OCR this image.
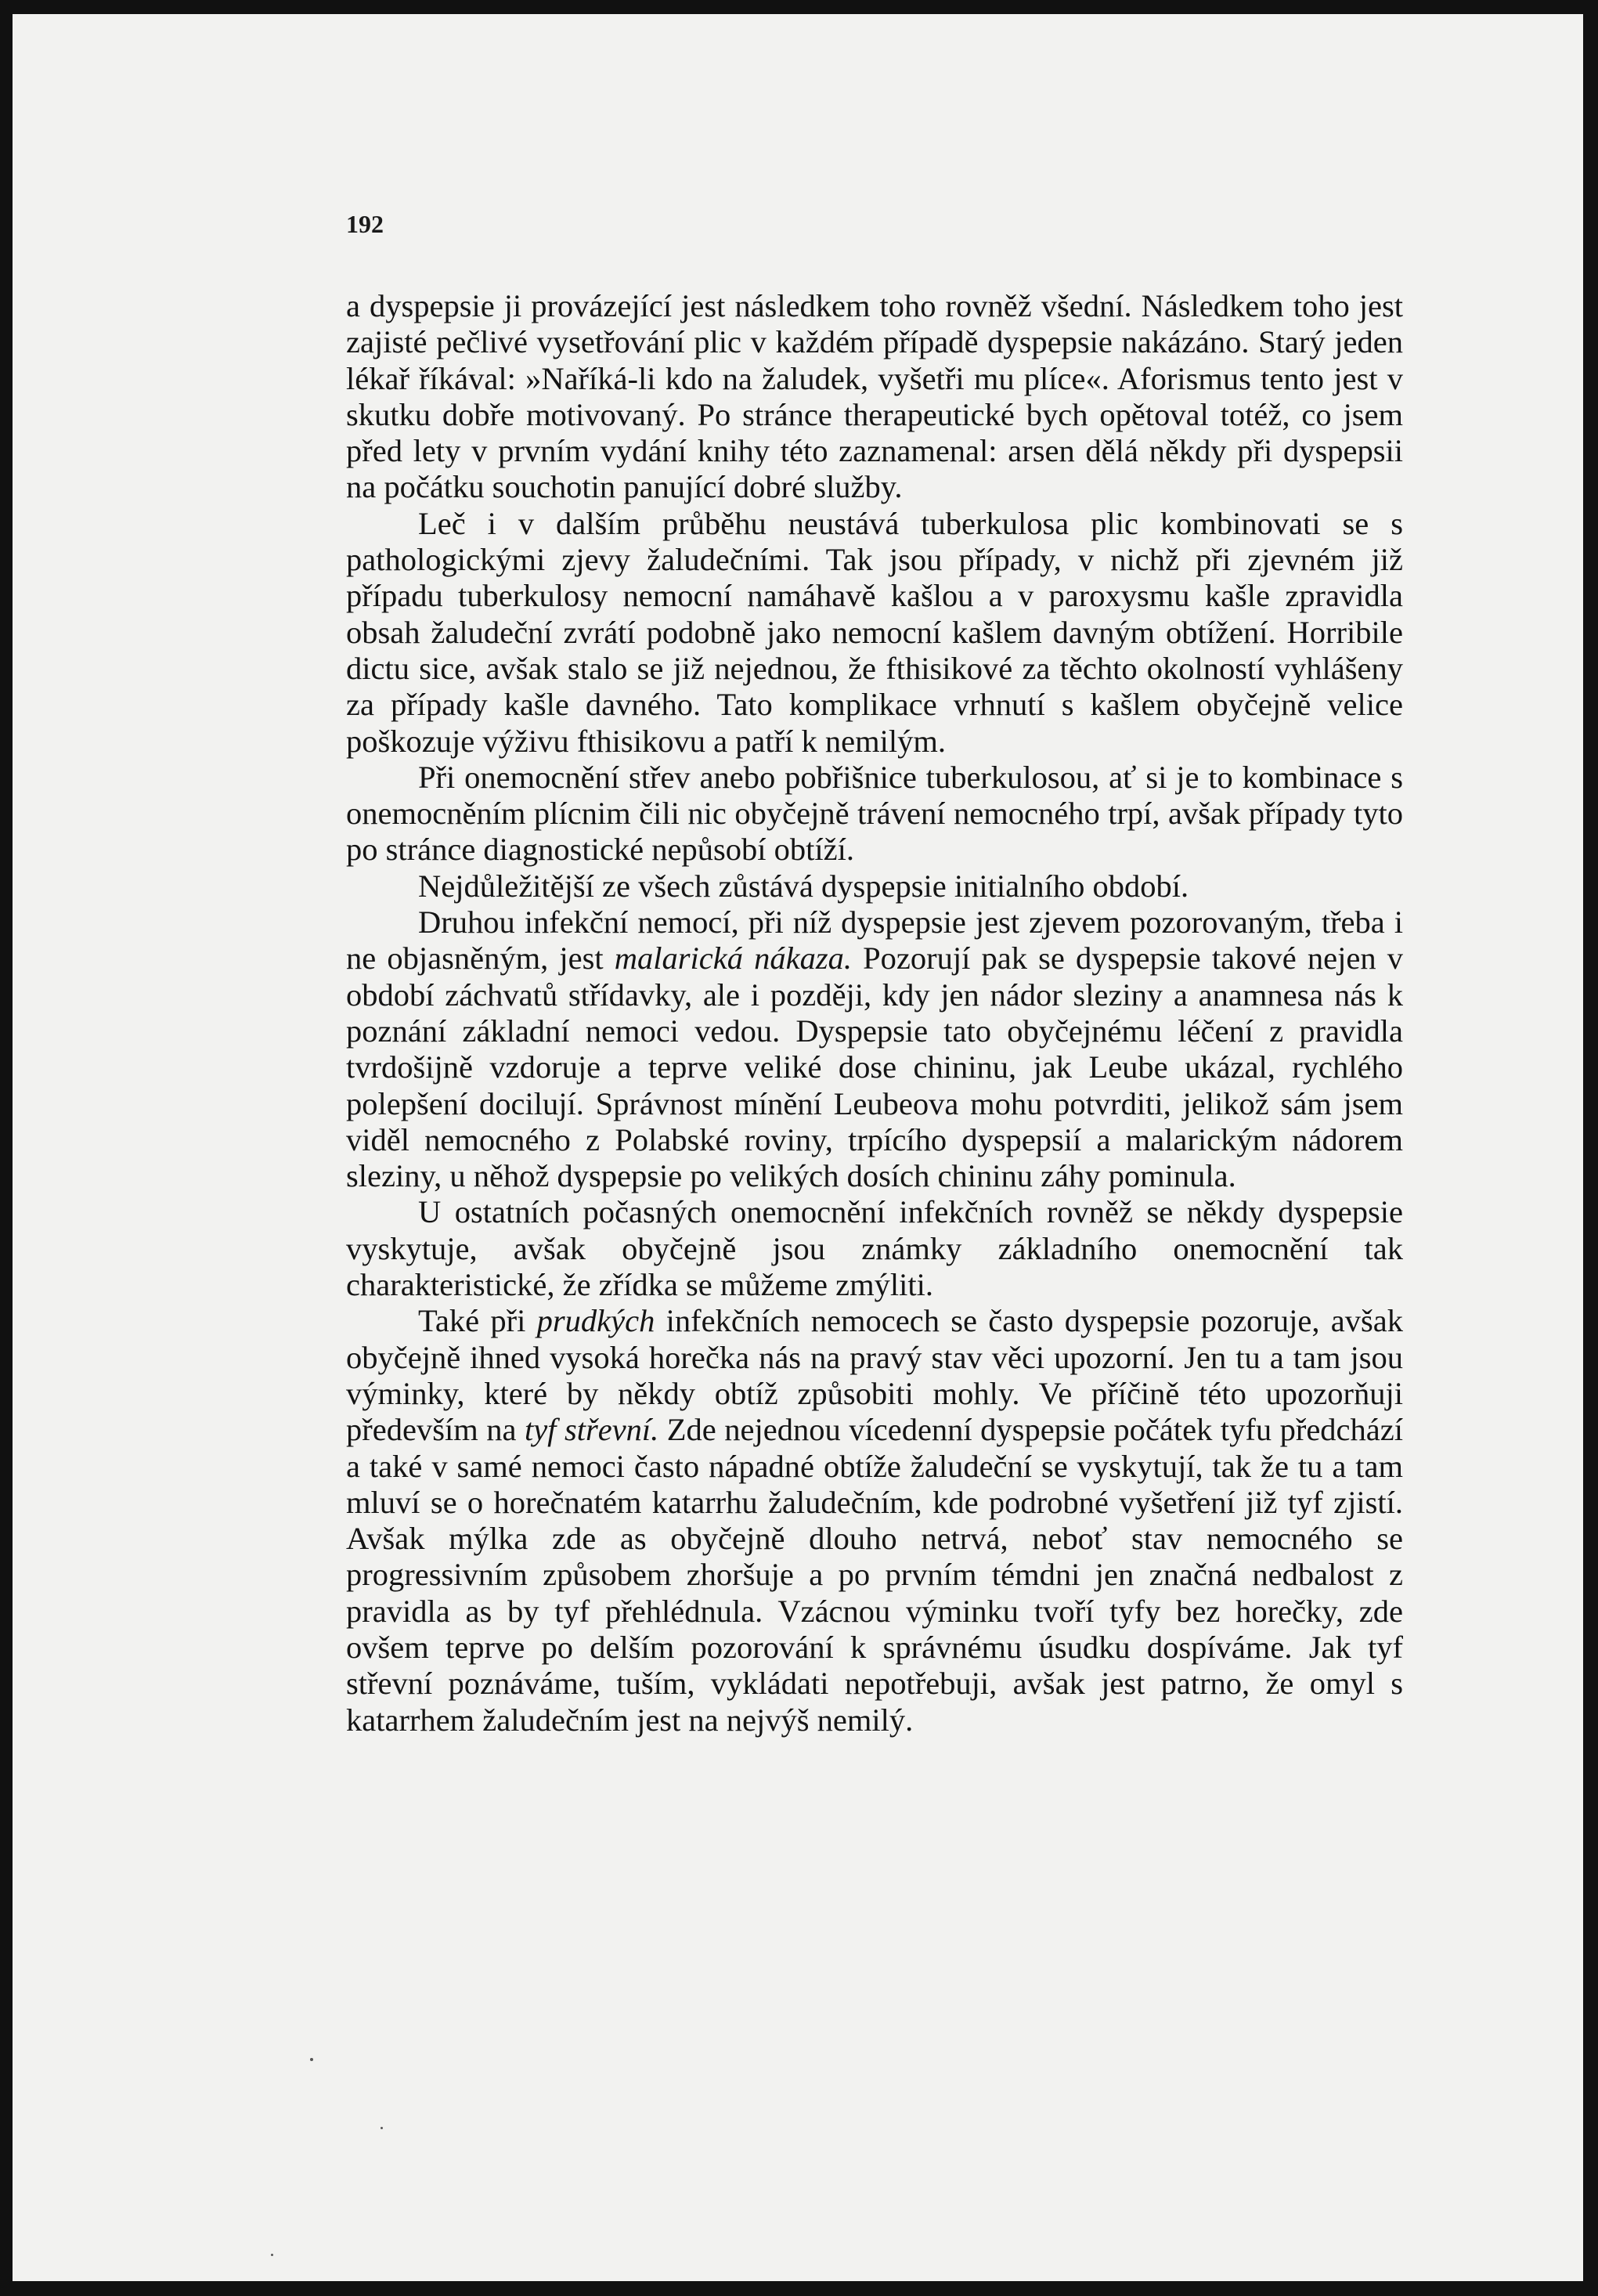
192

a dyspepsie ji provázející jest následkem toho rovněž všední. Následkem toho jest zajisté pečlivé vysetřování plic v každém případě dyspepsie nakázáno. Starý jeden lékař říkával: »Naříká-li kdo na žaludek, vyšetři mu plíce«. Aforismus tento jest v skutku dobře motivovaný. Po stránce therapeutické bych opětoval totéž, co jsem před lety v prvním vydání knihy této zaznamenal: arsen dělá někdy při dyspepsii na počátku souchotin panující dobré služby.

Leč i v dalším průběhu neustává tuberkulosa plic kombinovati se s pathologickými zjevy žaludečními. Tak jsou případy, v nichž při zjevném již případu tuberkulosy nemocní namáhavě kašlou a v paroxysmu kašle zpravidla obsah žaludeční zvrátí podobně jako nemocní kašlem davným obtížení. Horribile dictu sice, avšak stalo se již nejednou, že fthisikové za těchto okolností vyhlášeny za případy kašle davného. Tato komplikace vrhnutí s kašlem obyčejně velice poškozuje výživu fthisikovu a patří k nemilým.

Při onemocnění střev anebo pobřišnice tuberkulosou, ať si je to kombinace s onemocněním plícnim čili nic obyčejně trávení nemocného trpí, avšak případy tyto po stránce diagnostické nepůsobí obtíží.

Nejdůležitější ze všech zůstává dyspepsie initialního období.

Druhou infekční nemocí, při níž dyspepsie jest zjevem pozorovaným, třeba i ne objasněným, jest malarická nákaza. Pozorují pak se dyspepsie takové nejen v období záchvatů střídavky, ale i později, kdy jen nádor sleziny a anamnesa nás k poznání základní nemoci vedou. Dyspepsie tato obyčejnému léčení z pravidla tvrdošijně vzdoruje a teprve veliké dose chininu, jak Leube ukázal, rychlého polepšení docilují. Správnost mínění Leubeova mohu potvrditi, jelikož sám jsem viděl nemocného z Polabské roviny, trpícího dyspepsií a malarickým nádorem sleziny, u něhož dyspepsie po velikých dosích chininu záhy pominula.

U ostatních počasných onemocnění infekčních rovněž se někdy dyspepsie vyskytuje, avšak obyčejně jsou známky základního onemocnění tak charakteristické, že zřídka se můžeme zmýliti.

Také při prudkých infekčních nemocech se často dyspepsie pozoruje, avšak obyčejně ihned vysoká horečka nás na pravý stav věci upozorní. Jen tu a tam jsou výminky, které by někdy obtíž způsobiti mohly. Ve příčině této upozorňuji především na tyf střevní. Zde nejednou vícedenní dyspepsie počátek tyfu předchází a také v samé nemoci často nápadné obtíže žaludeční se vyskytují, tak že tu a tam mluví se o horečnatém katarrhu žaludečním, kde podrobné vyšetření již tyf zjistí. Avšak mýlka zde as obyčejně dlouho netrvá, neboť stav nemocného se progressivním způsobem zhoršuje a po prvním témdni jen značná nedbalost z pravidla as by tyf přehlédnula. Vzácnou výminku tvoří tyfy bez horečky, zde ovšem teprve po delším pozorování k správnému úsudku dospíváme. Jak tyf střevní poznáváme, tuším, vykládati nepotřebuji, avšak jest patrno, že omyl s katarrhem žaludečním jest na nejvýš nemilý.
